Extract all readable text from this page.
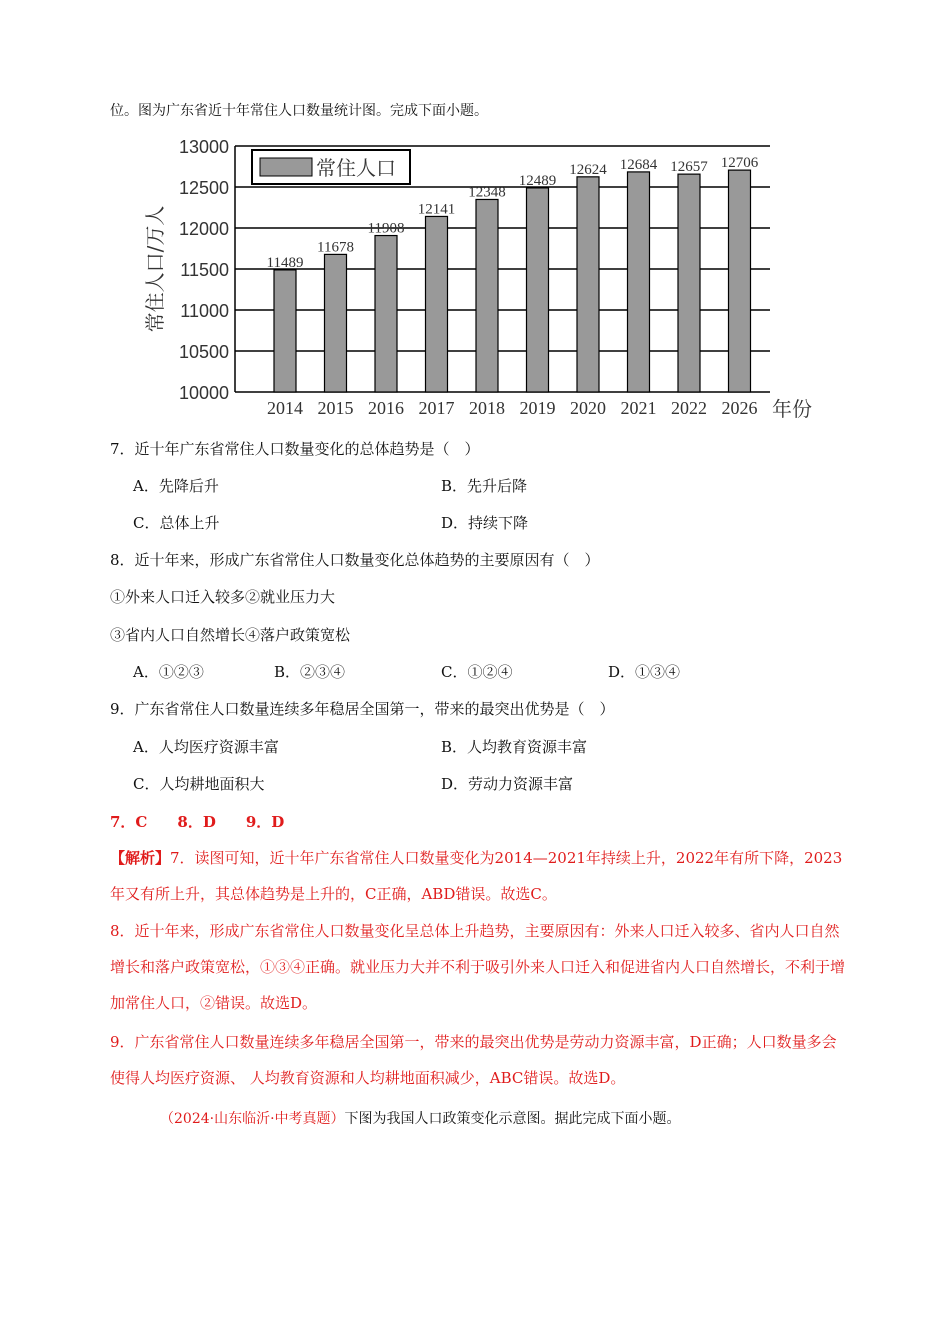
位。图为广东省近十年常住人口数量统计图。完成下面小题。
10000
10500
11000
11500
12000
12500
13000
11489
2014
11678
2015
11908
2016
12141
2017
12348
2018
12489
2019
12624
2020
12684
2021
12657
2022
12706
2026 年份
常住人口/万人
常住人口
7．近十年广东省常住人口数量变化的总体趋势是（　）
A．先降后升	B．先升后降
C．总体上升	D．持续下降
8．近十年来，形成广东省常住人口数量变化总体趋势的主要原因有（　）
①外来人口迁入较多②就业压力大
③省内人口自然增长④落户政策宽松
A．①②③	B．②③④	C．①②④	D．①③④
9．广东省常住人口数量连续多年稳居全国第一，带来的最突出优势是（　）
A．人均医疗资源丰富	B．人均教育资源丰富
C．人均耕地面积大	D．劳动力资源丰富
7．C　　8．D　　9．D
【解析】7．读图可知，近十年广东省常住人口数量变化为2014—2021年持续上升，2022年有所下降，2023年又有所上升，其总体趋势是上升的，C正确，ABD错误。故选C。
8．近十年来，形成广东省常住人口数量变化呈总体上升趋势，主要原因有：外来人口迁入较多、省内人口自然增长和落户政策宽松，①③④正确。就业压力大并不利于吸引外来人口迁入和促进省内人口自然增长，不利于增加常住人口，②错误。故选D。
9．广东省常住人口数量连续多年稳居全国第一，带来的最突出优势是劳动力资源丰富，D正确；人口数量多会使得人均医疗资源、 人均教育资源和人均耕地面积减少，ABC错误。故选D。
（2024·山东临沂·中考真题）下图为我国人口政策变化示意图。据此完成下面小题。
